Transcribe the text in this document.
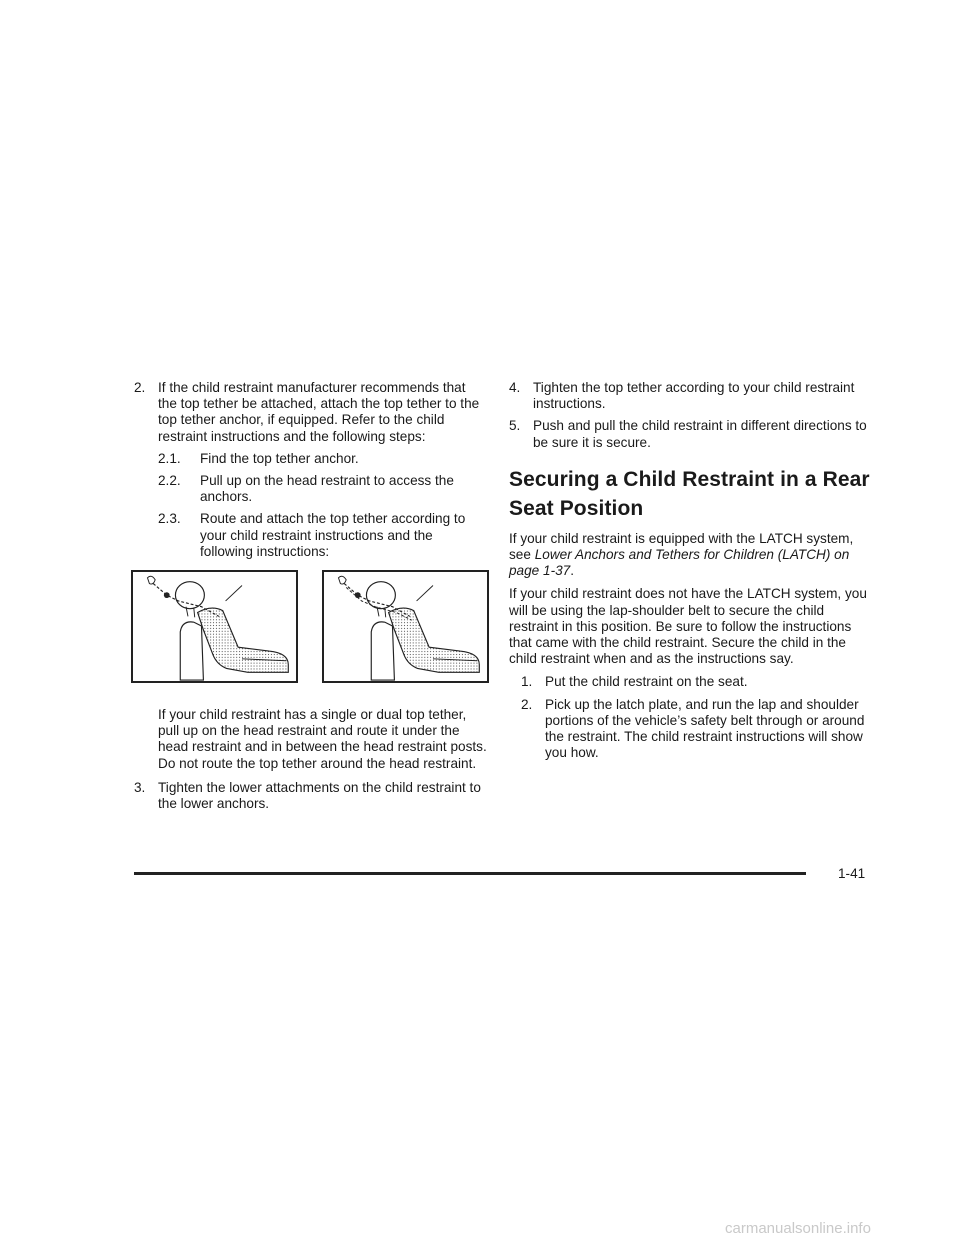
2. If the child restraint manufacturer recommends that the top tether be attached, attach the top tether to the top tether anchor, if equipped. Refer to the child restraint instructions and the following steps:
2.1.	Find the top tether anchor.
2.2.	Pull up on the head restraint to access the anchors.
2.3.	Route and attach the top tether according to your child restraint instructions and the following instructions:

If your child restraint has a single or dual top tether, pull up on the head restraint and route it under the head restraint and in between the head restraint posts. Do not route the top tether around the head restraint.

3. Tighten the lower attachments on the child restraint to the lower anchors.
4. Tighten the top tether according to your child restraint instructions.
5. Push and pull the child restraint in different directions to be sure it is secure.
Securing a Child Restraint in a Rear Seat Position

If your child restraint is equipped with the LATCH system, see Lower Anchors and Tethers for Children (LATCH) on page 1-37.

If your child restraint does not have the LATCH system, you will be using the lap-shoulder belt to secure the child restraint in this position. Be sure to follow the instructions that came with the child restraint. Secure the child in the child restraint when and as the instructions say.

1. Put the child restraint on the seat.
2. Pick up the latch plate, and run the lap and shoulder portions of the vehicle’s safety belt through or around the restraint. The child restraint instructions will show you how.
1-41
carmanualsonline.info
